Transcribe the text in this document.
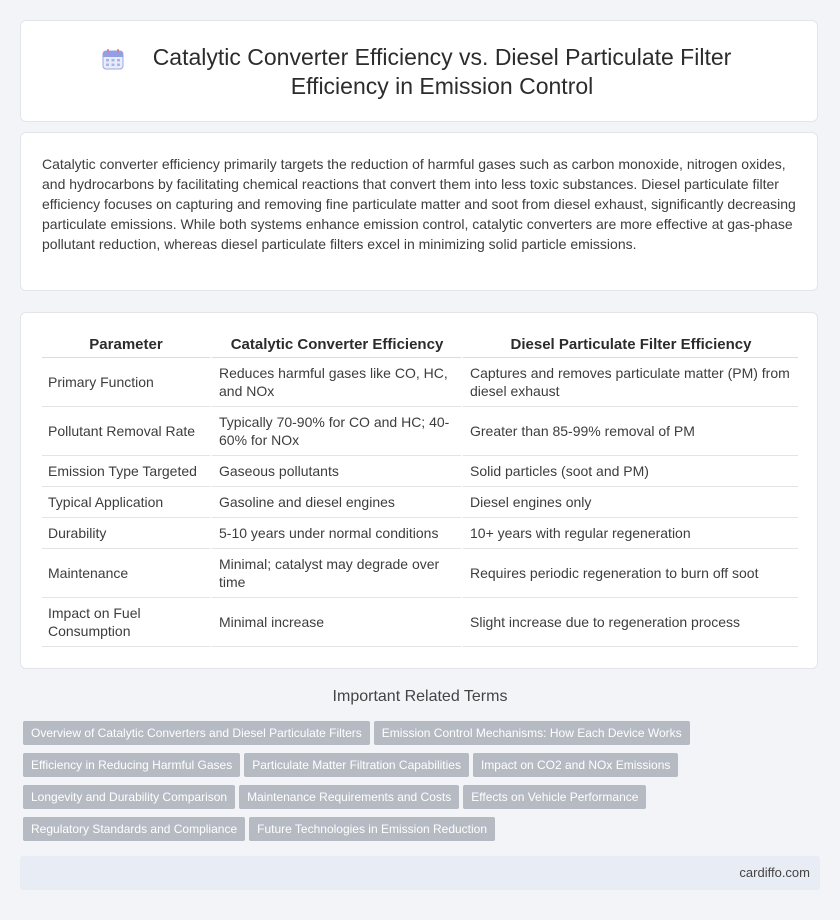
Catalytic Converter Efficiency vs. Diesel Particulate Filter Efficiency in Emission Control

Catalytic converter efficiency primarily targets the reduction of harmful gases such as carbon monoxide, nitrogen oxides, and hydrocarbons by facilitating chemical reactions that convert them into less toxic substances. Diesel particulate filter efficiency focuses on capturing and removing fine particulate matter and soot from diesel exhaust, significantly decreasing particulate emissions. While both systems enhance emission control, catalytic converters are more effective at gas-phase pollutant reduction, whereas diesel particulate filters excel in minimizing solid particle emissions.

Parameter	Catalytic Converter Efficiency	Diesel Particulate Filter Efficiency
Primary Function	Reduces harmful gases like CO, HC, and NOx	Captures and removes particulate matter (PM) from diesel exhaust
Pollutant Removal Rate	Typically 70-90% for CO and HC; 40-60% for NOx	Greater than 85-99% removal of PM
Emission Type Targeted	Gaseous pollutants	Solid particles (soot and PM)
Typical Application	Gasoline and diesel engines	Diesel engines only
Durability	5-10 years under normal conditions	10+ years with regular regeneration
Maintenance	Minimal; catalyst may degrade over time	Requires periodic regeneration to burn off soot
Impact on Fuel Consumption	Minimal increase	Slight increase due to regeneration process
Important Related Terms
Overview of Catalytic Converters and Diesel Particulate Filters Emission Control Mechanisms: How Each Device Works
Efficiency in Reducing Harmful Gases Particulate Matter Filtration Capabilities Impact on CO2 and NOx Emissions
Longevity and Durability Comparison Maintenance Requirements and Costs Effects on Vehicle Performance
Regulatory Standards and Compliance Future Technologies in Emission Reduction
cardiffo.com
